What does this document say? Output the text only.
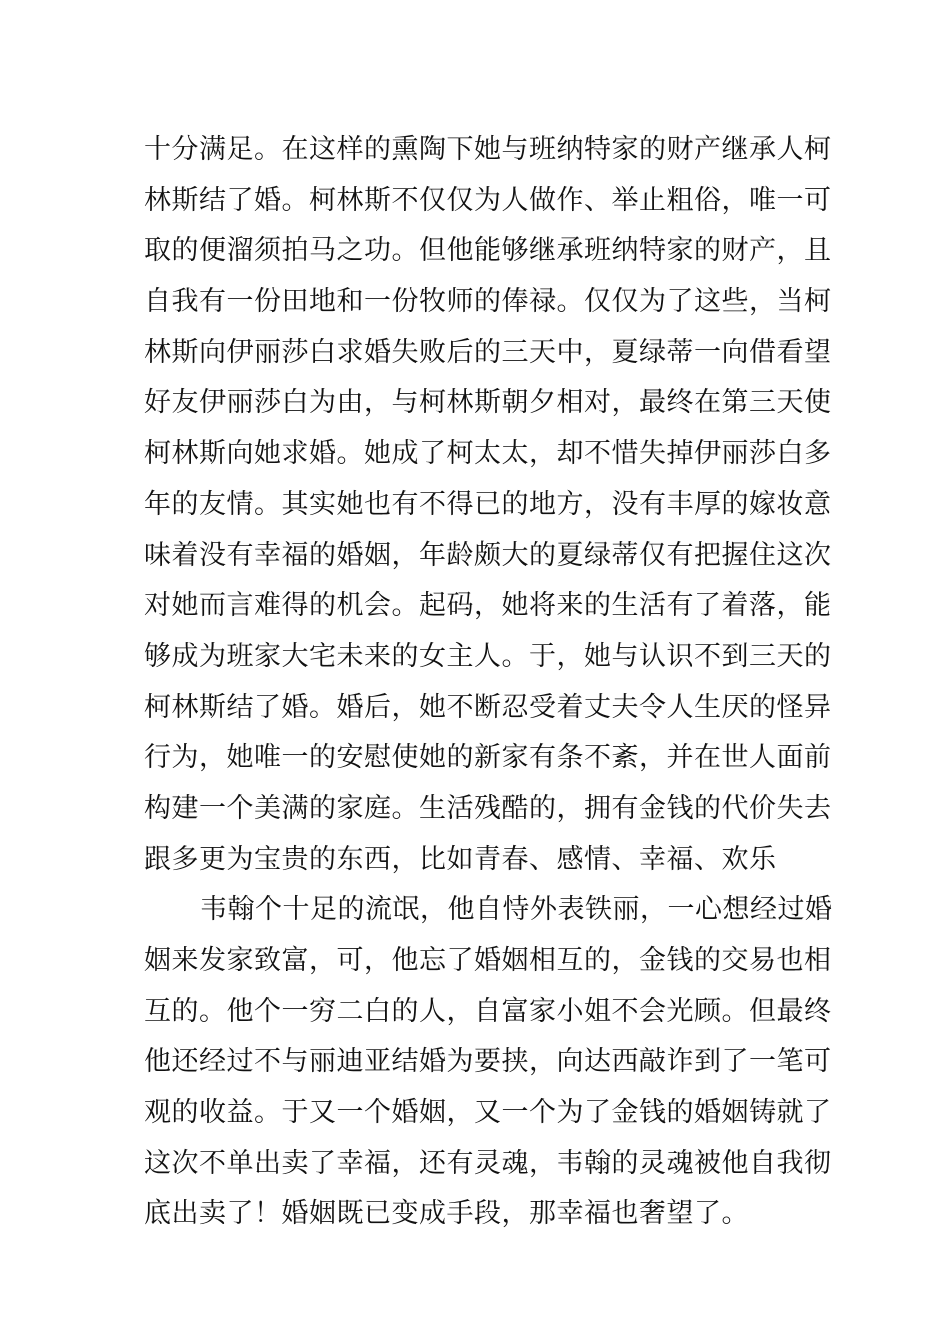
十分满足。在这样的熏陶下她与班纳特家的财产继承人柯
林斯结了婚。柯林斯不仅仅为人做作、举止粗俗，唯一可
取的便溜须拍马之功。但他能够继承班纳特家的财产，且
自我有一份田地和一份牧师的俸禄。仅仅为了这些，当柯
林斯向伊丽莎白求婚失败后的三天中，夏绿蒂一向借看望
好友伊丽莎白为由，与柯林斯朝夕相对，最终在第三天使
柯林斯向她求婚。她成了柯太太，却不惜失掉伊丽莎白多
年的友情。其实她也有不得已的地方，没有丰厚的嫁妆意
味着没有幸福的婚姻，年龄颇大的夏绿蒂仅有把握住这次
对她而言难得的机会。起码，她将来的生活有了着落，能
够成为班家大宅未来的女主人。于，她与认识不到三天的
柯林斯结了婚。婚后，她不断忍受着丈夫令人生厌的怪异
行为，她唯一的安慰使她的新家有条不紊，并在世人面前
构建一个美满的家庭。生活残酷的，拥有金钱的代价失去
跟多更为宝贵的东西，比如青春、感情、幸福、欢乐
韦翰个十足的流氓，他自恃外表铁丽，一心想经过婚
姻来发家致富，可，他忘了婚姻相互的，金钱的交易也相
互的。他个一穷二白的人，自富家小姐不会光顾。但最终
他还经过不与丽迪亚结婚为要挟，向达西敲诈到了一笔可
观的收益。于又一个婚姻，又一个为了金钱的婚姻铸就了
这次不单出卖了幸福，还有灵魂，韦翰的灵魂被他自我彻
底出卖了！婚姻既已变成手段，那幸福也奢望了。
